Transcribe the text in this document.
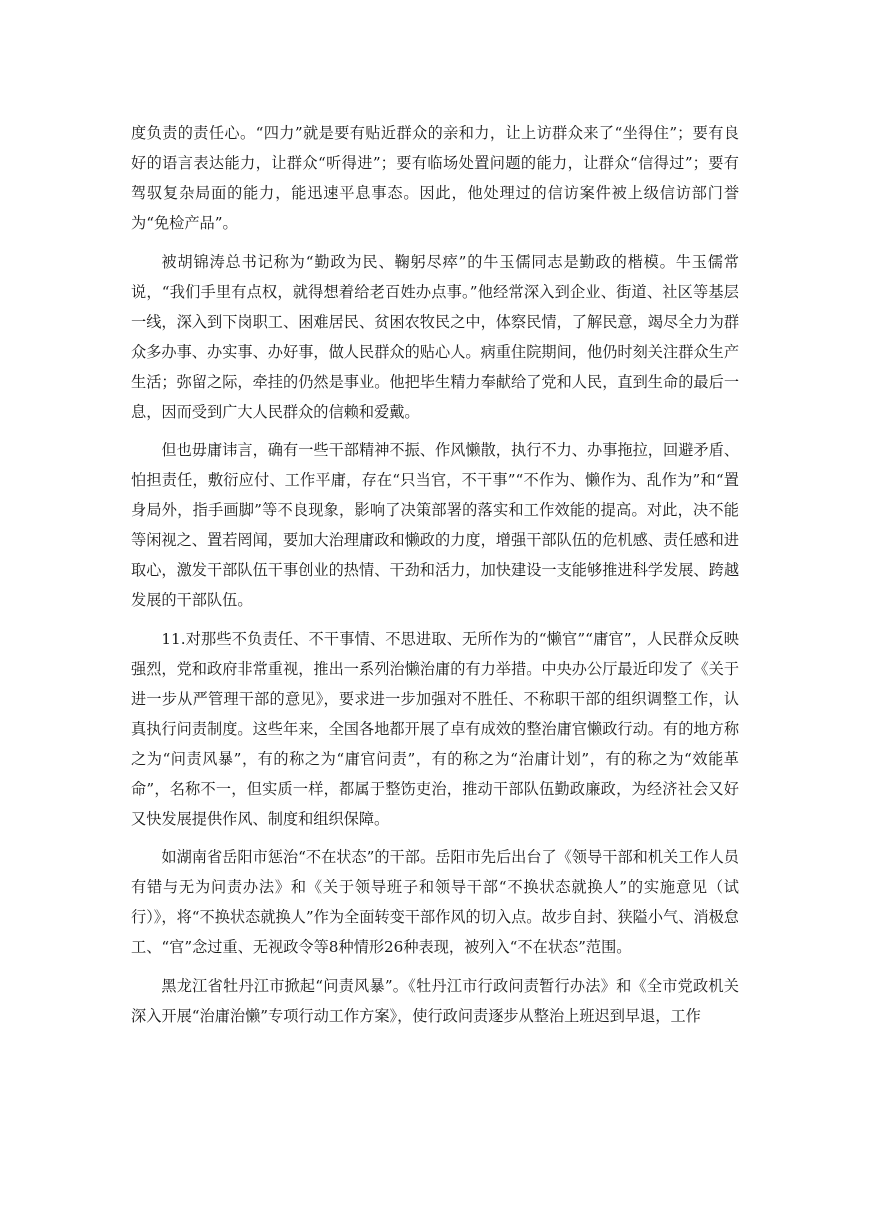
度负责的责任心。“四力”就是要有贴近群众的亲和力，让上访群众来了“坐得住”；要有良好的语言表达能力，让群众“听得进”；要有临场处置问题的能力，让群众“信得过”；要有驾驭复杂局面的能力，能迅速平息事态。因此，他处理过的信访案件被上级信访部门誉为“免检产品”。

被胡锦涛总书记称为“勤政为民、鞠躬尽瘁”的牛玉儒同志是勤政的楷模。牛玉儒常说，“我们手里有点权，就得想着给老百姓办点事。”他经常深入到企业、街道、社区等基层一线，深入到下岗职工、困难居民、贫困农牧民之中，体察民情，了解民意，竭尽全力为群众多办事、办实事、办好事，做人民群众的贴心人。病重住院期间，他仍时刻关注群众生产生活；弥留之际，牵挂的仍然是事业。他把毕生精力奉献给了党和人民，直到生命的最后一息，因而受到广大人民群众的信赖和爱戴。

但也毋庸讳言，确有一些干部精神不振、作风懒散，执行不力、办事拖拉，回避矛盾、怕担责任，敷衍应付、工作平庸，存在“只当官，不干事”“不作为、懒作为、乱作为”和“置身局外，指手画脚”等不良现象，影响了决策部署的落实和工作效能的提高。对此，决不能等闲视之、置若罔闻，要加大治理庸政和懒政的力度，增强干部队伍的危机感、责任感和进取心，激发干部队伍干事创业的热情、干劲和活力，加快建设一支能够推进科学发展、跨越发展的干部队伍。

11.对那些不负责任、不干事情、不思进取、无所作为的“懒官”“庸官”，人民群众反映强烈，党和政府非常重视，推出一系列治懒治庸的有力举措。中央办公厅最近印发了《关于进一步从严管理干部的意见》，要求进一步加强对不胜任、不称职干部的组织调整工作，认真执行问责制度。这些年来，全国各地都开展了卓有成效的整治庸官懒政行动。有的地方称之为“问责风暴”，有的称之为“庸官问责”，有的称之为“治庸计划”，有的称之为“效能革命”，名称不一，但实质一样，都属于整饬吏治，推动干部队伍勤政廉政，为经济社会又好又快发展提供作风、制度和组织保障。

如湖南省岳阳市惩治“不在状态”的干部。岳阳市先后出台了《领导干部和机关工作人员有错与无为问责办法》和《关于领导班子和领导干部“不换状态就换人”的实施意见（试行）》，将“不换状态就换人”作为全面转变干部作风的切入点。故步自封、狭隘小气、消极怠工、“官”念过重、无视政令等8种情形26种表现，被列入“不在状态”范围。

黑龙江省牡丹江市掀起“问责风暴”。《牡丹江市行政问责暂行办法》和《全市党政机关深入开展“治庸治懒”专项行动工作方案》，使行政问责逐步从整治上班迟到早退，工作
